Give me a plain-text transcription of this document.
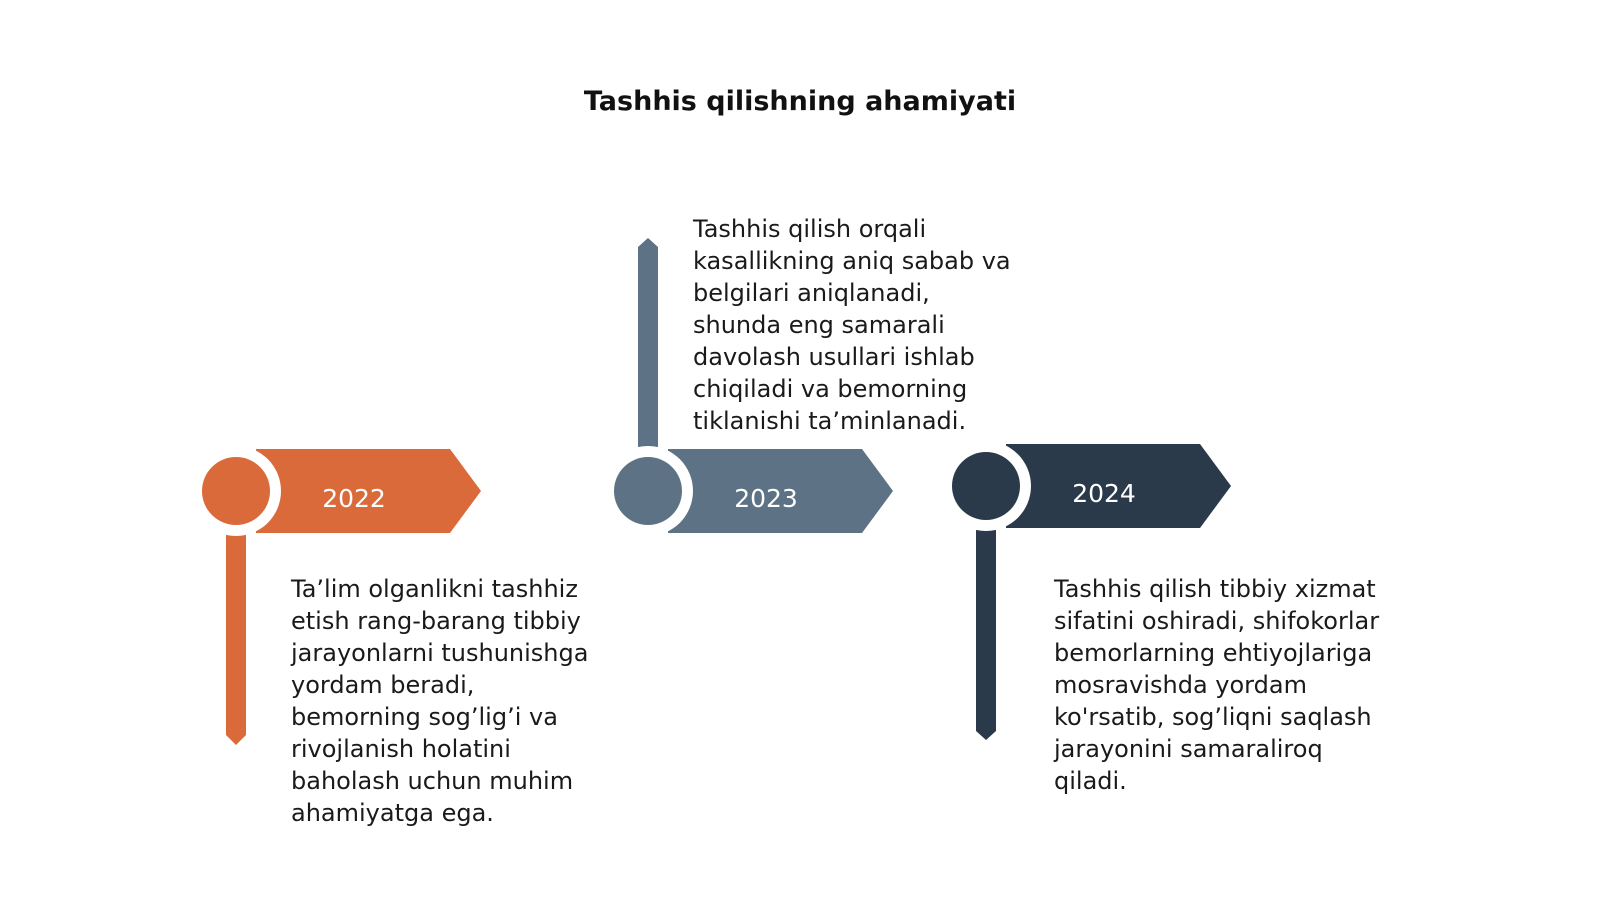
Tashhis qilishning ahamiyati
2022	2023	2024

Ta’lim olganlikni tashhiz
etish rang-barang tibbiy
jarayonlarni tushunishga
yordam beradi,
bemorning sog’lig’i va
rivojlanish holatini
baholash uchun muhim
ahamiyatga ega.

Tashhis qilish orqali
kasallikning aniq sabab va
belgilari aniqlanadi,
shunda eng samarali
davolash usullari ishlab
chiqiladi va bemorning
tiklanishi ta’minlanadi.

Tashhis qilish tibbiy xizmat
sifatini oshiradi, shifokorlar
bemorlarning ehtiyojlariga
mosravishda yordam
ko'rsatib, sog’liqni saqlash
jarayonini samaraliroq
qiladi.
